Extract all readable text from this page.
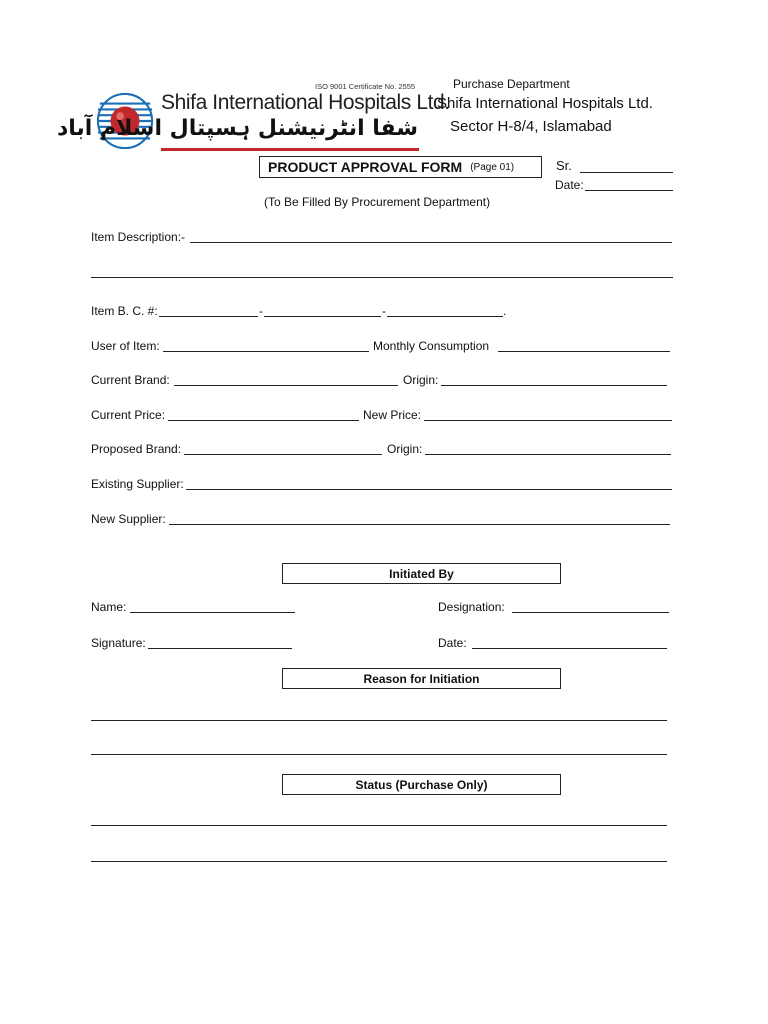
Shifa International Hospitals Ltd.
شفا انٹرنیشنل ہسپتال اسلام آباد
ISO 9001 Certificate No. 2555	Purchase Department
Shifa International Hospitals Ltd.
Sector H-8/4, Islamabad
PRODUCT APPROVAL FORM (Page 01)	Sr.
Date:
(To Be Filled By Procurement Department)
Item Description:-
Item B. C. #:	-	-	.
User of Item:	Monthly Consumption
Current Brand:	Origin:
Current Price:	New Price:
Proposed Brand:	Origin:
Existing Supplier:
New Supplier:
Initiated By
Name:	Designation:
Signature:	Date:
Reason for Initiation
Status (Purchase Only)
